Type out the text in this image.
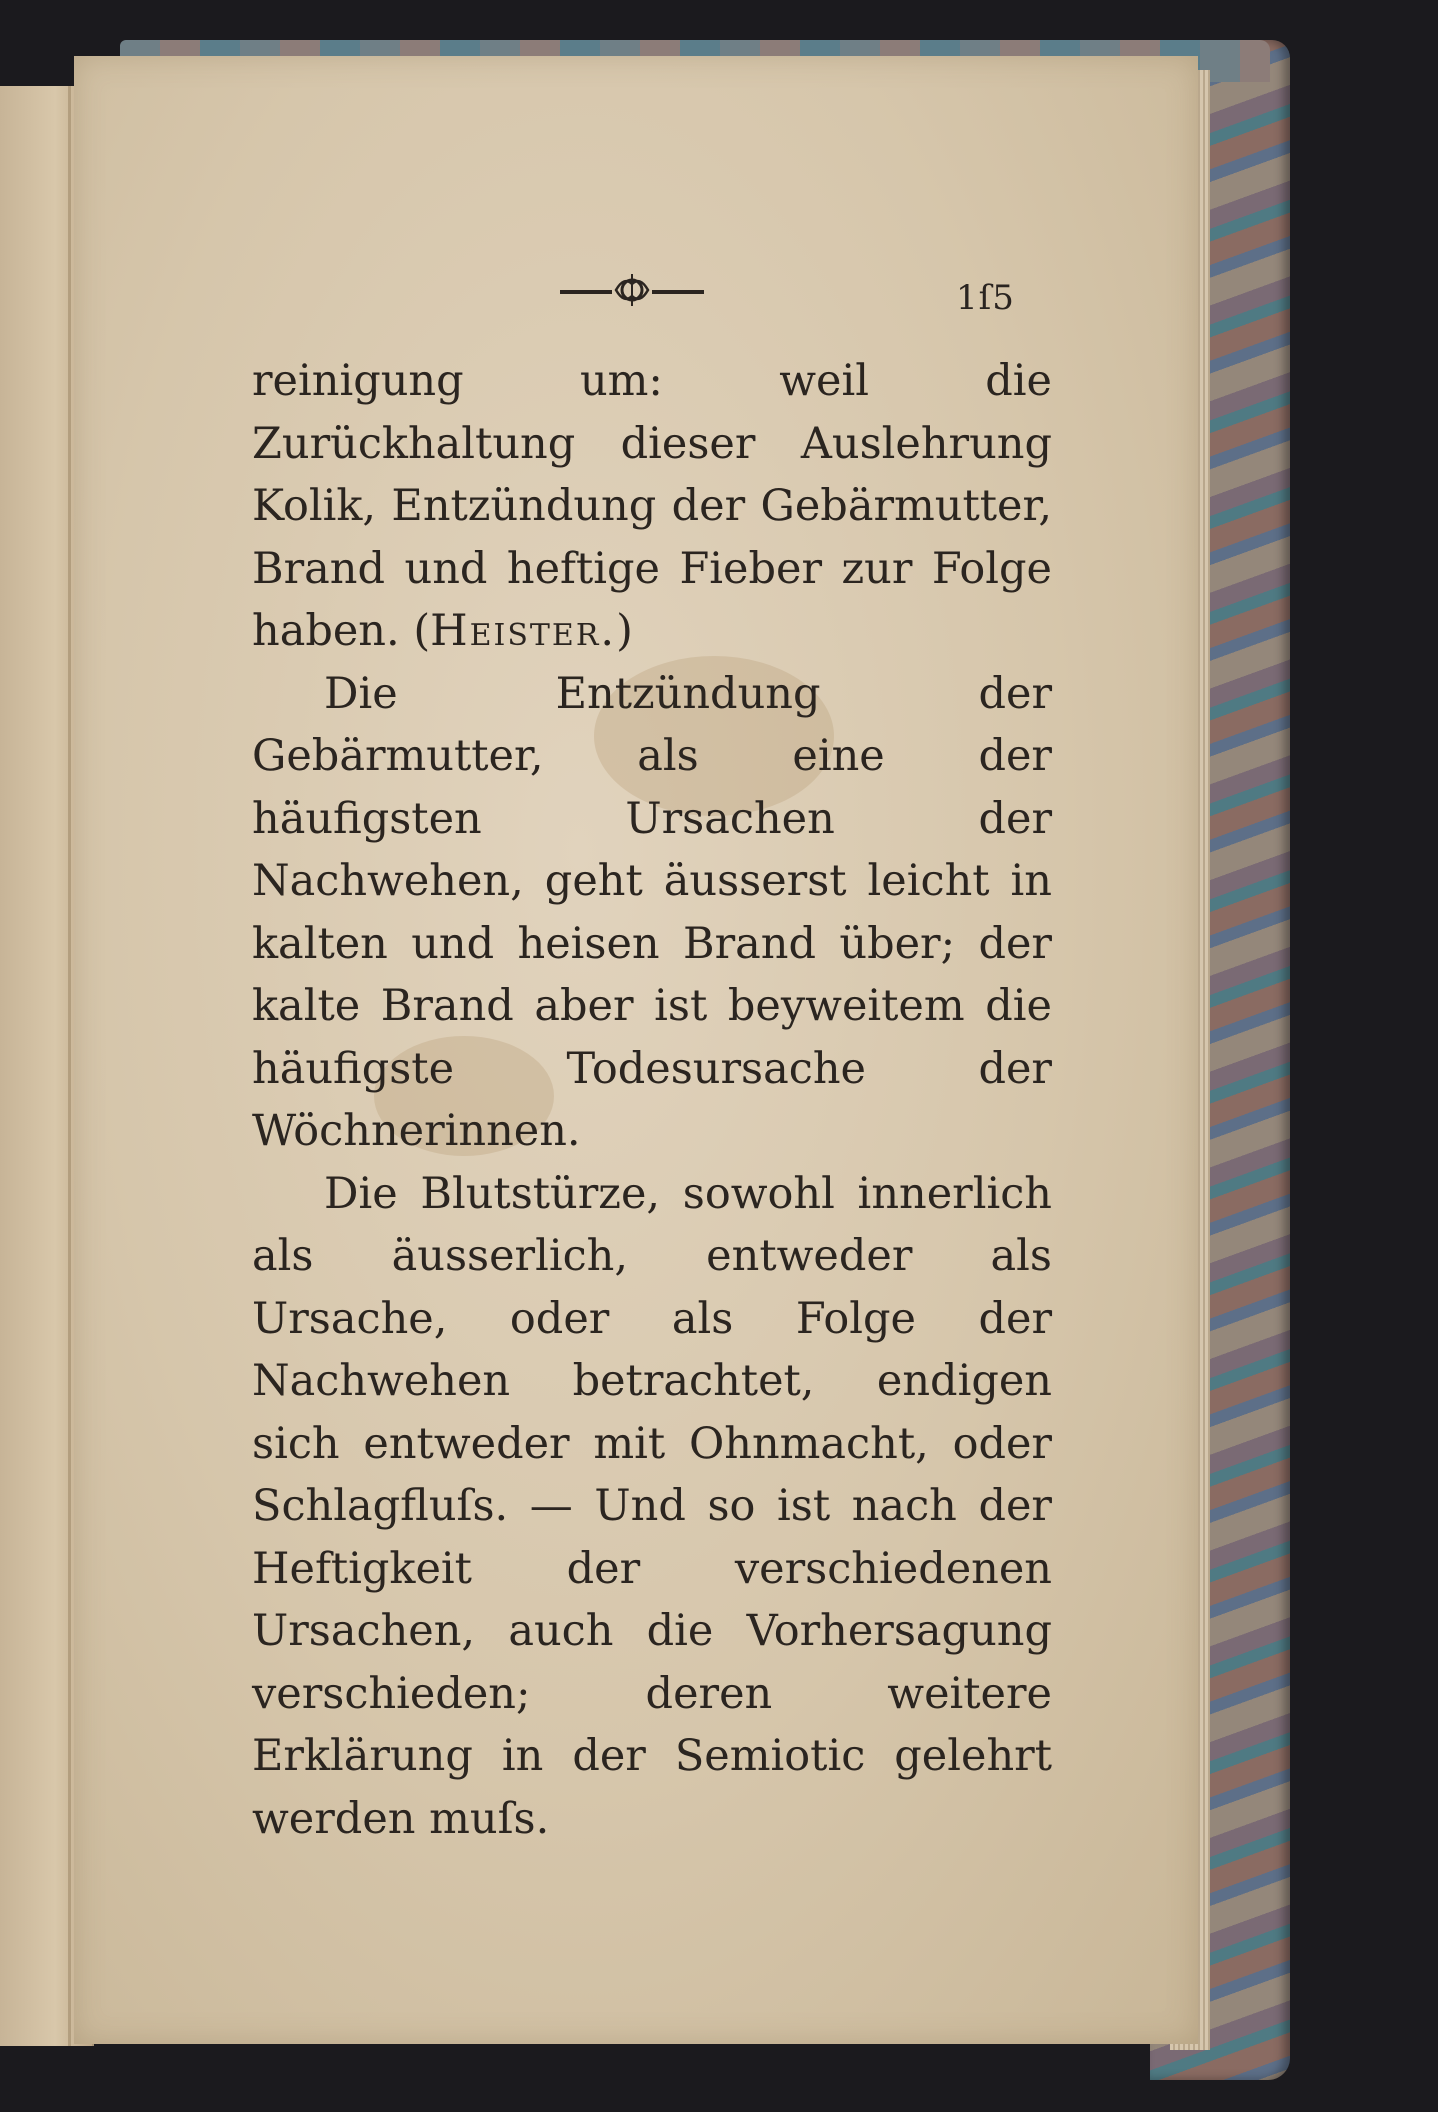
1ſ5

reinigung um: weil die Zurückhaltung dieser Auslehrung Kolik, Entzündung der Gebärmutter, Brand und heftige Fieber zur Folge haben. (Heister.)

Die Entzündung der Gebärmutter, als eine der häufigsten Ursachen der Nachwehen, geht äusserst leicht in kalten und heisen Brand über; der kalte Brand aber ist beyweitem die häufigste Todesursache der Wöchnerinnen.

Die Blutstürze, sowohl innerlich als äusserlich, entweder als Ursache, oder als Folge der Nachwehen betrachtet, endigen sich entweder mit Ohnmacht, oder Schlagfluſs. — Und so ist nach der Heftigkeit der verschiedenen Ursachen, auch die Vorhersagung verschieden; deren weitere Erklärung in der Semiotic gelehrt werden muſs.
